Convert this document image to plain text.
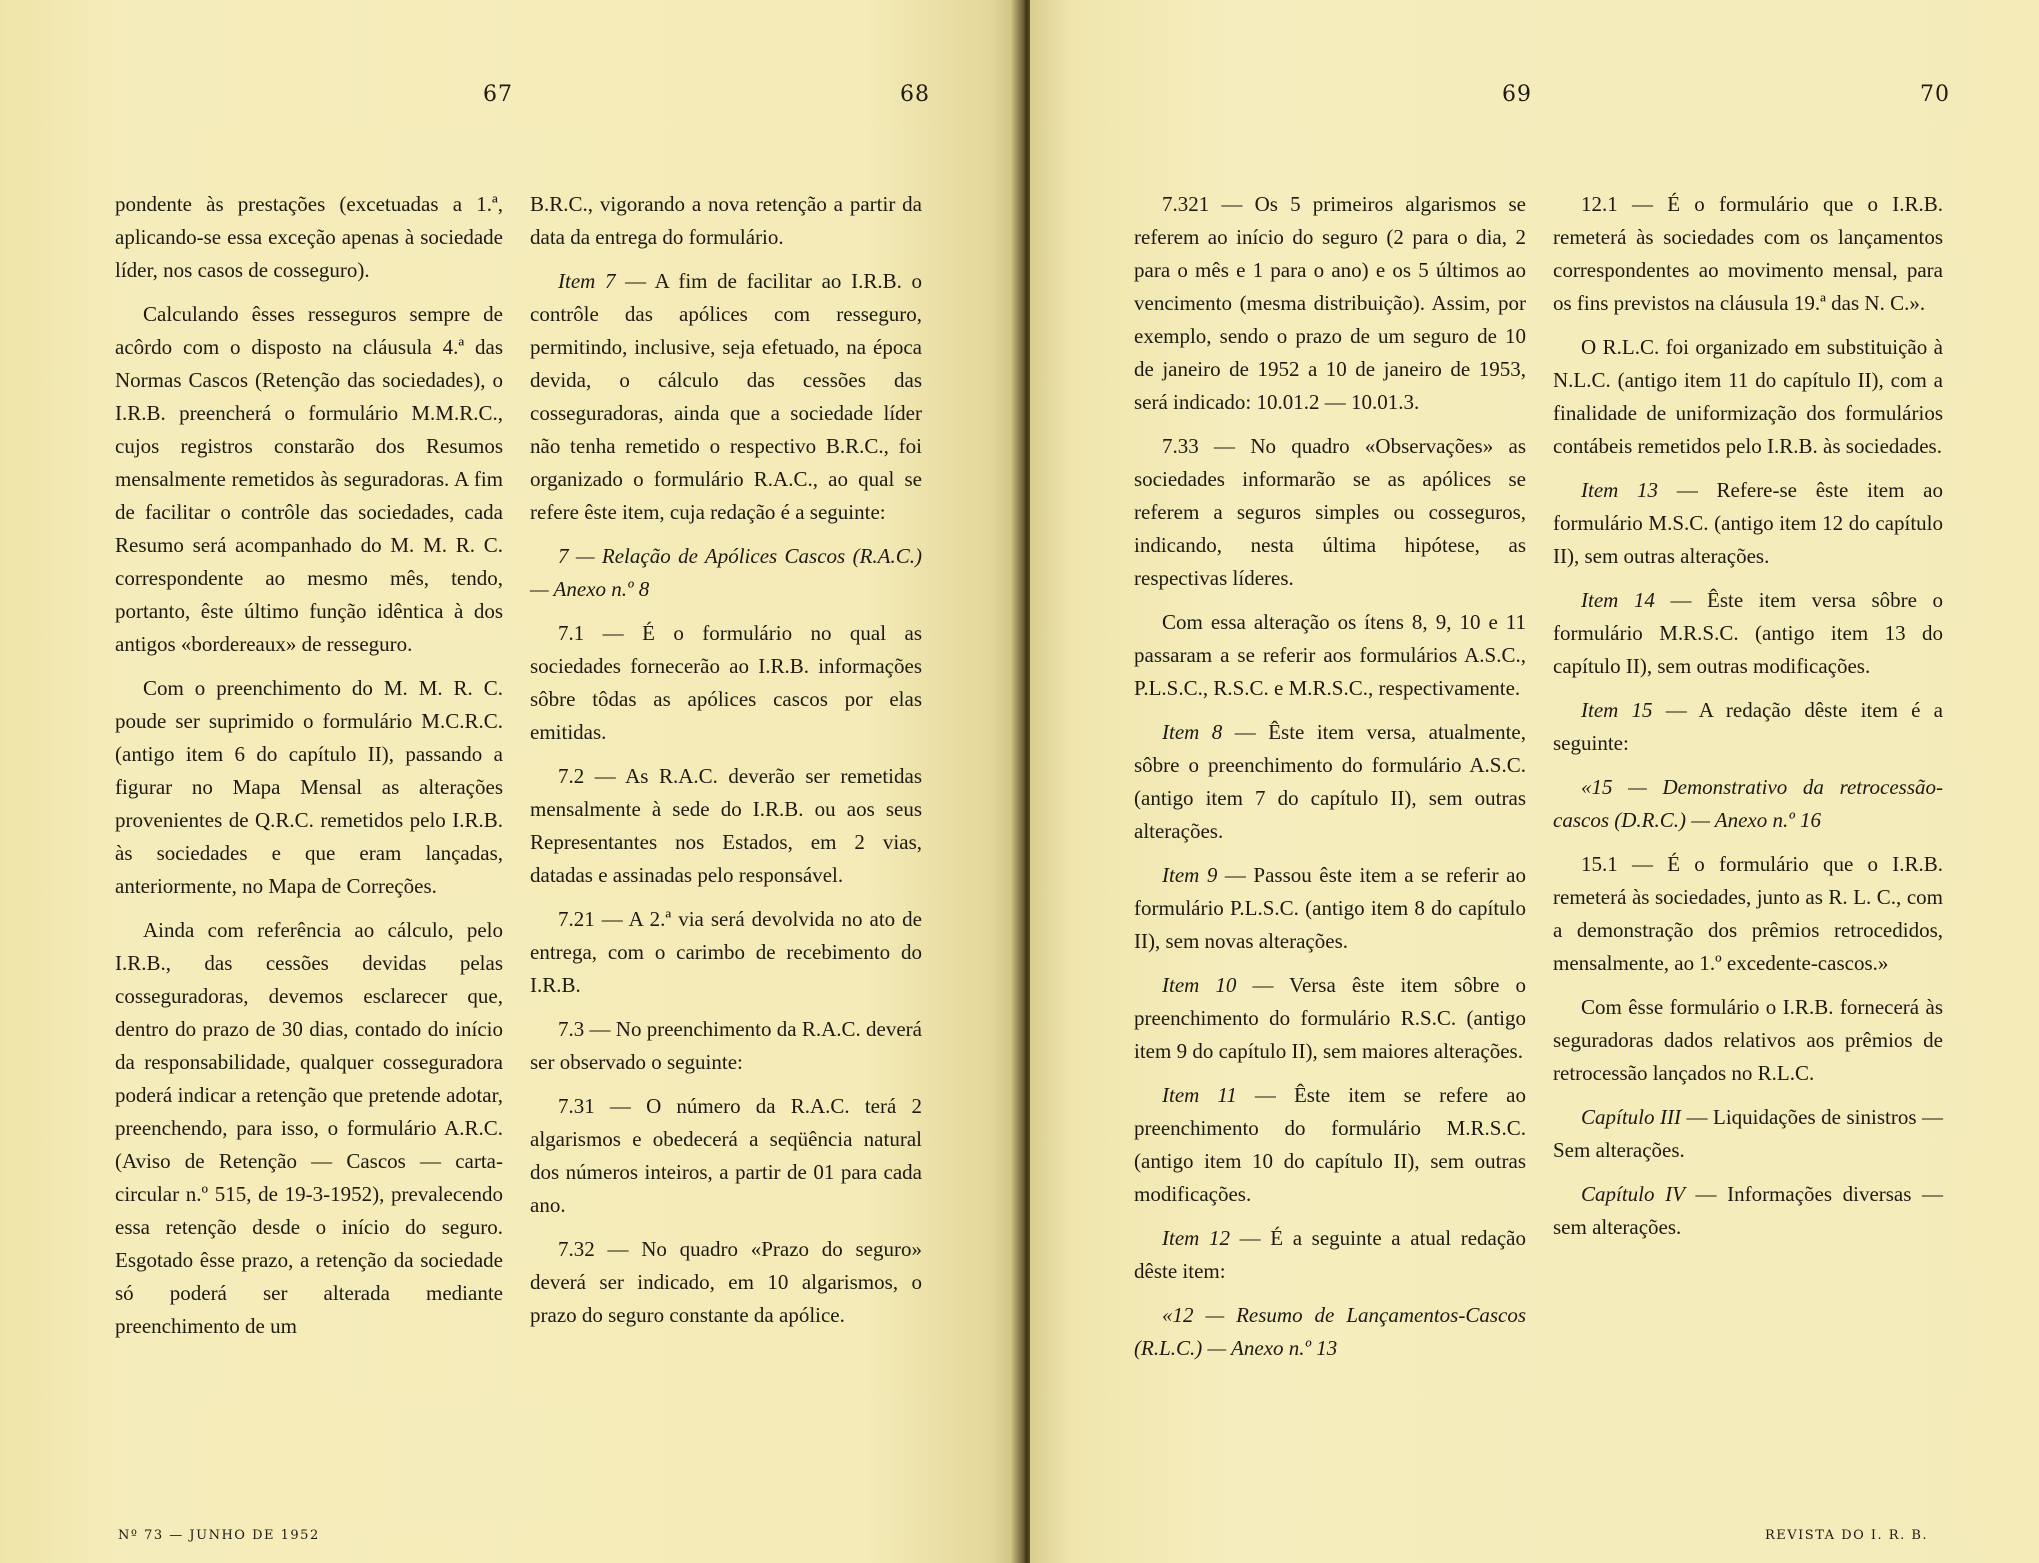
67	68

pondente às prestações (excetuadas a 1.ª, aplicando-se essa exceção apenas à sociedade líder, nos casos de cosseguro).

Calculando êsses resseguros sempre de acôrdo com o disposto na cláusula 4.ª das Normas Cascos (Retenção das sociedades), o I.R.B. preencherá o formulário M.M.R.C., cujos registros constarão dos Resumos mensalmente remetidos às seguradoras. A fim de facilitar o contrôle das sociedades, cada Resumo será acompanhado do M. M. R. C. correspondente ao mesmo mês, tendo, portanto, êste último função idêntica à dos antigos «bordereaux» de resseguro.

Com o preenchimento do M. M. R. C. poude ser suprimido o formulário M.C.R.C. (antigo item 6 do capítulo II), passando a figurar no Mapa Mensal as alterações provenientes de Q.R.C. remetidos pelo I.R.B. às sociedades e que eram lançadas, anteriormente, no Mapa de Correções.

Ainda com referência ao cálculo, pelo I.R.B., das cessões devidas pelas cosseguradoras, devemos esclarecer que, dentro do prazo de 30 dias, contado do início da responsabilidade, qualquer cosseguradora poderá indicar a retenção que pretende adotar, preenchendo, para isso, o formulário A.R.C. (Aviso de Retenção — Cascos — carta-circular n.º 515, de 19-3-1952), prevalecendo essa retenção desde o início do seguro. Esgotado êsse prazo, a retenção da sociedade só poderá ser alterada mediante preenchimento de um

B.R.C., vigorando a nova retenção a partir da data da entrega do formulário.

Item 7 — A fim de facilitar ao I.R.B. o contrôle das apólices com resseguro, permitindo, inclusive, seja efetuado, na época devida, o cálculo das cessões das cosseguradoras, ainda que a sociedade líder não tenha remetido o respectivo B.R.C., foi organizado o formulário R.A.C., ao qual se refere êste item, cuja redação é a seguinte:

7 — Relação de Apólices Cascos (R.A.C.) — Anexo n.º 8

7.1 — É o formulário no qual as sociedades fornecerão ao I.R.B. informações sôbre tôdas as apólices cascos por elas emitidas.

7.2 — As R.A.C. deverão ser remetidas mensalmente à sede do I.R.B. ou aos seus Representantes nos Estados, em 2 vias, datadas e assinadas pelo responsável.

7.21 — A 2.ª via será devolvida no ato de entrega, com o carimbo de recebimento do I.R.B.

7.3 — No preenchimento da R.A.C. deverá ser observado o seguinte:

7.31 — O número da R.A.C. terá 2 algarismos e obedecerá a seqüência natural dos números inteiros, a partir de 01 para cada ano.

7.32 — No quadro «Prazo do seguro» deverá ser indicado, em 10 algarismos, o prazo do seguro constante da apólice.

Nº 73 — JUNHO DE 1952
69	70

7.321 — Os 5 primeiros algarismos se referem ao início do seguro (2 para o dia, 2 para o mês e 1 para o ano) e os 5 últimos ao vencimento (mesma distribuição). Assim, por exemplo, sendo o prazo de um seguro de 10 de janeiro de 1952 a 10 de janeiro de 1953, será indicado: 10.01.2 — 10.01.3.

7.33 — No quadro «Observações» as sociedades informarão se as apólices se referem a seguros simples ou cosseguros, indicando, nesta última hipótese, as respectivas líderes.

Com essa alteração os ítens 8, 9, 10 e 11 passaram a se referir aos formulários A.S.C., P.L.S.C., R.S.C. e M.R.S.C., respectivamente.

Item 8 — Êste item versa, atualmente, sôbre o preenchimento do formulário A.S.C. (antigo item 7 do capítulo II), sem outras alterações.

Item 9 — Passou êste item a se referir ao formulário P.L.S.C. (antigo item 8 do capítulo II), sem novas alterações.

Item 10 — Versa êste item sôbre o preenchimento do formulário R.S.C. (antigo item 9 do capítulo II), sem maiores alterações.

Item 11 — Êste item se refere ao preenchimento do formulário M.R.S.C. (antigo item 10 do capítulo II), sem outras modificações.

Item 12 — É a seguinte a atual redação dêste item:

«12 — Resumo de Lançamentos-Cascos (R.L.C.) — Anexo n.º 13

12.1 — É o formulário que o I.R.B. remeterá às sociedades com os lançamentos correspondentes ao movimento mensal, para os fins previstos na cláusula 19.ª das N. C.».

O R.L.C. foi organizado em substituição à N.L.C. (antigo item 11 do capítulo II), com a finalidade de uniformização dos formulários contábeis remetidos pelo I.R.B. às sociedades.

Item 13 — Refere-se êste item ao formulário M.S.C. (antigo item 12 do capítulo II), sem outras alterações.

Item 14 — Êste item versa sôbre o formulário M.R.S.C. (antigo item 13 do capítulo II), sem outras modificações.

Item 15 — A redação dêste item é a seguinte:

«15 — Demonstrativo da retrocessão-cascos (D.R.C.) — Anexo n.º 16

15.1 — É o formulário que o I.R.B. remeterá às sociedades, junto as R. L. C., com a demonstração dos prêmios retrocedidos, mensalmente, ao 1.º excedente-cascos.»

Com êsse formulário o I.R.B. fornecerá às seguradoras dados relativos aos prêmios de retrocessão lançados no R.L.C.

Capítulo III — Liquidações de sinistros — Sem alterações.

Capítulo IV — Informações diversas — sem alterações.

REVISTA DO I. R. B.
